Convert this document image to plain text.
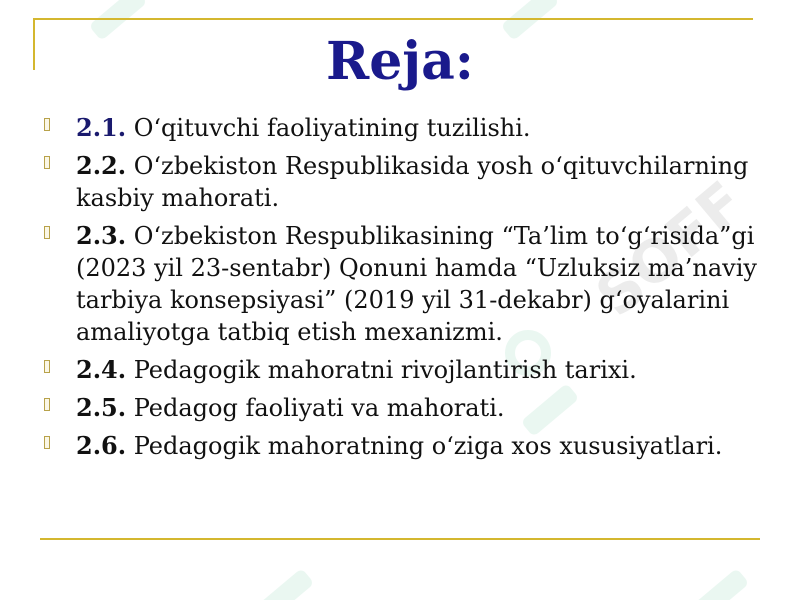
SOFF
Reja:
2.1. O‘qituvchi faoliyatining tuzilishi.
2.2. O‘zbekiston Respublikasida yosh o‘qituvchilarning kasbiy mahorati.
2.3. O‘zbekiston Respublikasining “Ta’lim to‘g‘risida”gi (2023 yil 23-sentabr) Qonuni hamda “Uzluksiz ma’naviy tarbiya konsepsiyasi” (2019 yil 31-dekabr) g‘oyalarini amaliyotga tatbiq etish mexanizmi.
2.4. Pedagogik mahoratni rivojlantirish tarixi.
2.5. Pedagog faoliyati va mahorati.
2.6. Pedagogik mahoratning o‘ziga xos xususiyatlari.
